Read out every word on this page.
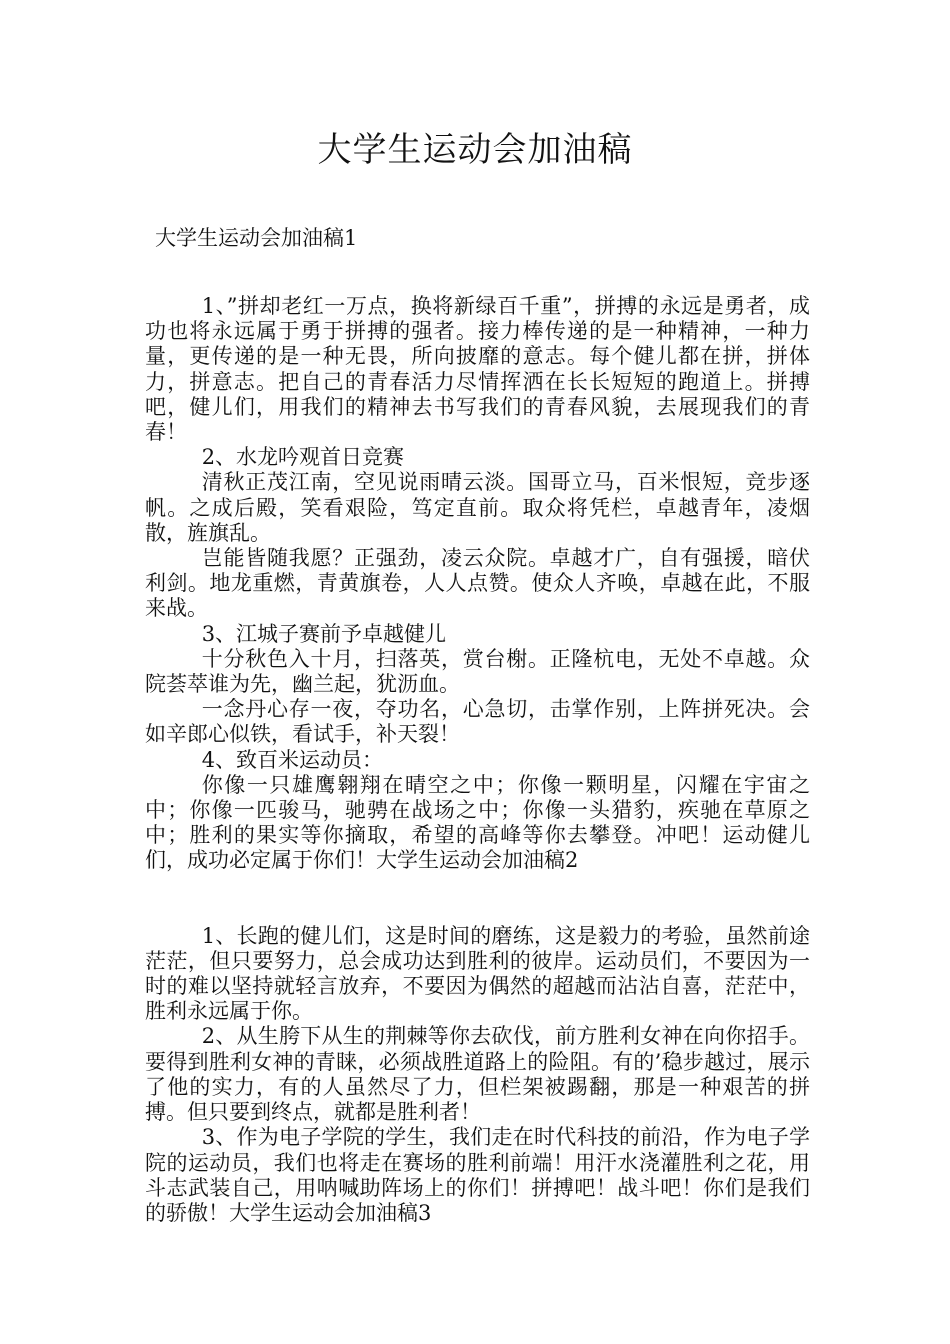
大学生运动会加油稿
大学生运动会加油稿1

1、”拼却老红一万点，换将新绿百千重”，拼搏的永远是勇者，成功也将永远属于勇于拼搏的强者。接力棒传递的是一种精神，一种力量，更传递的是一种无畏，所向披靡的意志。每个健儿都在拼，拼体力，拼意志。把自己的青春活力尽情挥洒在长长短短的跑道上。拼搏吧，健儿们，用我们的精神去书写我们的青春风貌，去展现我们的青春！

2、水龙吟观首日竞赛

清秋正茂江南，空见说雨晴云淡。国哥立马，百米恨短，竞步逐帆。之成后殿，笑看艰险，笃定直前。取众将凭栏，卓越青年，凌烟散，旌旗乱。

岂能皆随我愿？正强劲，凌云众院。卓越才广，自有强援，暗伏利剑。地龙重燃，青黄旗卷，人人点赞。使众人齐唤，卓越在此，不服来战。

3、江城子赛前予卓越健儿

十分秋色入十月，扫落英，赏台榭。正隆杭电，无处不卓越。众院荟萃谁为先，幽兰起，犹沥血。

一念丹心存一夜，夺功名，心急切，击掌作别，上阵拼死决。会如辛郎心似铁，看试手，补天裂！

4、致百米运动员：

你像一只雄鹰翱翔在晴空之中；你像一颗明星，闪耀在宇宙之中；你像一匹骏马，驰骋在战场之中；你像一头猎豹，疾驰在草原之中；胜利的果实等你摘取，希望的高峰等你去攀登。冲吧！运动健儿们，成功必定属于你们！大学生运动会加油稿2

1、长跑的健儿们，这是时间的磨练，这是毅力的考验，虽然前途茫茫，但只要努力，总会成功达到胜利的彼岸。运动员们，不要因为一时的难以坚持就轻言放弃，不要因为偶然的超越而沾沾自喜，茫茫中，胜利永远属于你。

2、从生胯下从生的荆棘等你去砍伐，前方胜利女神在向你招手。要得到胜利女神的青睐，必须战胜道路上的险阻。有的’稳步越过，展示了他的实力，有的人虽然尽了力，但栏架被踢翻，那是一种艰苦的拼搏。但只要到终点，就都是胜利者！

3、作为电子学院的学生，我们走在时代科技的前沿，作为电子学院的运动员，我们也将走在赛场的胜利前端！用汗水浇灌胜利之花，用斗志武装自己，用呐喊助阵场上的你们！拼搏吧！战斗吧！你们是我们的骄傲！大学生运动会加油稿3
